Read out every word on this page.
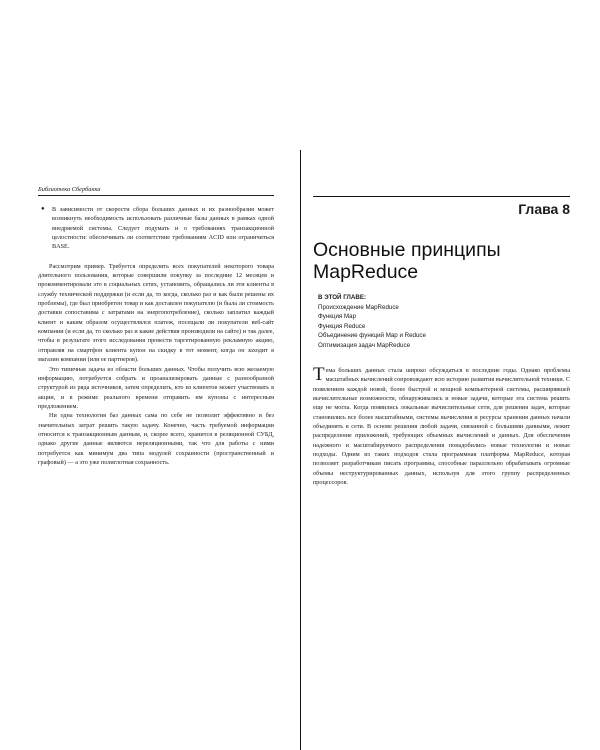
Библиотека Сбербанка
● В зависимости от скорости сбора больших данных и их разнообразия может возникнуть необходимость использовать различные базы данных в рамках одной внедряемой системы. Следует подумать и о требованиях транзакционной целостности: обеспечивать ли соответствие требованиям ACID или ограничиться BASE.

Рассмотрим пример. Требуется определить всех покупателей некоторого товара длительного пользования, которые совершили покупку за последние 12 месяцев и прокомментировали это в социальных сетях, установить, обращались ли эти клиенты в службу технической поддержки (и если да, то когда, сколько раз и как были решены их проблемы), где был приобретен товар и как доставлен покупателю (и была ли стоимость доставки сопоставима с затратами на энергопотребление), сколько заплатил каждый клиент и каким образом осуществлялся платеж, посещали ли покупатели веб-сайт компании (и если да, то сколько раз и какие действия производили на сайте) и так далее, чтобы в результате этого исследования провести таргетированную рекламную акцию, отправляя на смартфон клиента купон на скидку в тот момент, когда он заходит в магазин компании (или ее партнеров).

Это типичная задача из области больших данных. Чтобы получить всю желаемую информацию, потребуется собрать и проанализировать данные с разнообразной структурой из ряда источников, затем определить, кто из клиентов может участвовать в акции, и в режиме реального времени отправить им купоны с интересным предложением.

Ни одна технология баз данных сама по себе не позволит эффективно и без значительных затрат решить такую задачу. Конечно, часть требуемой информации относится к транзакционным данным, и, скорее всего, хранится в реляционной СУБД, однако другие данные являются нереляционными, так что для работы с ними потребуется как минимум два типа модулей сохранности (пространственный и графовый) — а это уже полиглотная сохранность.

Глава 8
Основные принципы
MapReduce
В ЭТОЙ ГЛАВЕ:
Происхождение MapReduce
Функция Map
Функция Reduce
Объединение функций Map и Reduce
Оптимизация задач MapReduce
Тема больших данных стала широко обсуждаться в последние годы. Однако проблемы масштабных вычислений сопровождают всю историю развития вычислительной техники. С появлением каждой новой, более быстрой и мощной компьютерной системы, расширявшей вычислительные возможности, обнаруживались и новые задачи, которые эта система решить еще не могла. Когда появились локальные вычислительные сети, для решения задач, которые становились все более масштабными, системы вычисления и ресурсы хранения данных начали объединять в сети. В основе решения любой задачи, связанной с большими данными, лежит распределение приложений, требующих объемных вычислений и данных. Для обеспечения надежного и масштабируемого распределения понадобились новые технологии и новые подходы. Одним из таких подходов стала программная платформа MapReduce, которая позволяет разработчикам писать программы, способные параллельно обрабатывать огромные объемы неструктурированных данных, используя для этого группу распределенных процессоров.
